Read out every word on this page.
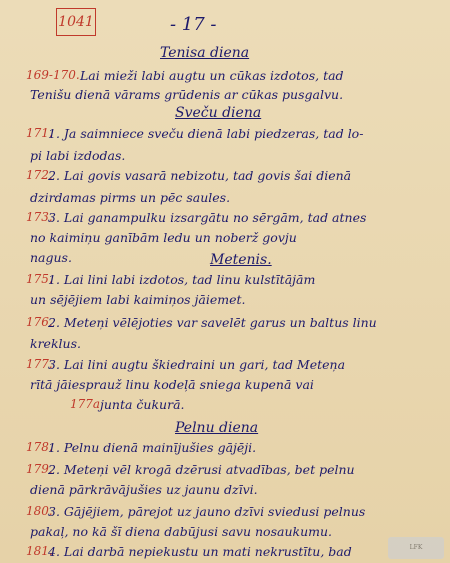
1041	- 17 -
Tenisa diena
Sveču diena
Metenis.
Pelnu diena
169-170. Lai mieži labi augtu un cūkas izdotos, tad
Tenišu dienā vārams grūdenis ar cūkas pusgalvu.
171.
1. Ja saimniece sveču dienā labi piedzeras, tad lo-
pi labi izdodas.
172.
2. Lai govis vasarā nebizotu, tad govis šai dienā
dzirdamas pirms un pēc saules.
173.
3. Lai ganampulku izsargātu no sērgām, tad atnes
no kaimiņu ganībām ledu un noberž govju
nagus.
175.
1. Lai lini labi izdotos, tad linu kulstītājām
un sējējiem labi kaimiņos jāiemet.
176.
2. Meteņi vēlējoties var savelēt garus un baltus linu
kreklus.
177.
3. Lai lini augtu škiedraini un gari, tad Meteņa
rītā jāiesprauž linu kodeļā sniega kupenā vai
177a junta čukurā.
178.
1. Pelnu dienā mainījušies gājēji.
179.
2. Meteņi vēl krogā dzērusi atvadības, bet pelnu
dienā pārkrāvājušies uz jaunu dzīvi.
180.
3. Gājējiem, pārejot uz jauno dzīvi sviedusi pelnus
pakaļ, no kā šī diena dabūjusi savu nosaukumu.
181.
4. Lai darbā nepiekustu un mati nekrustītu, bad	LFK
